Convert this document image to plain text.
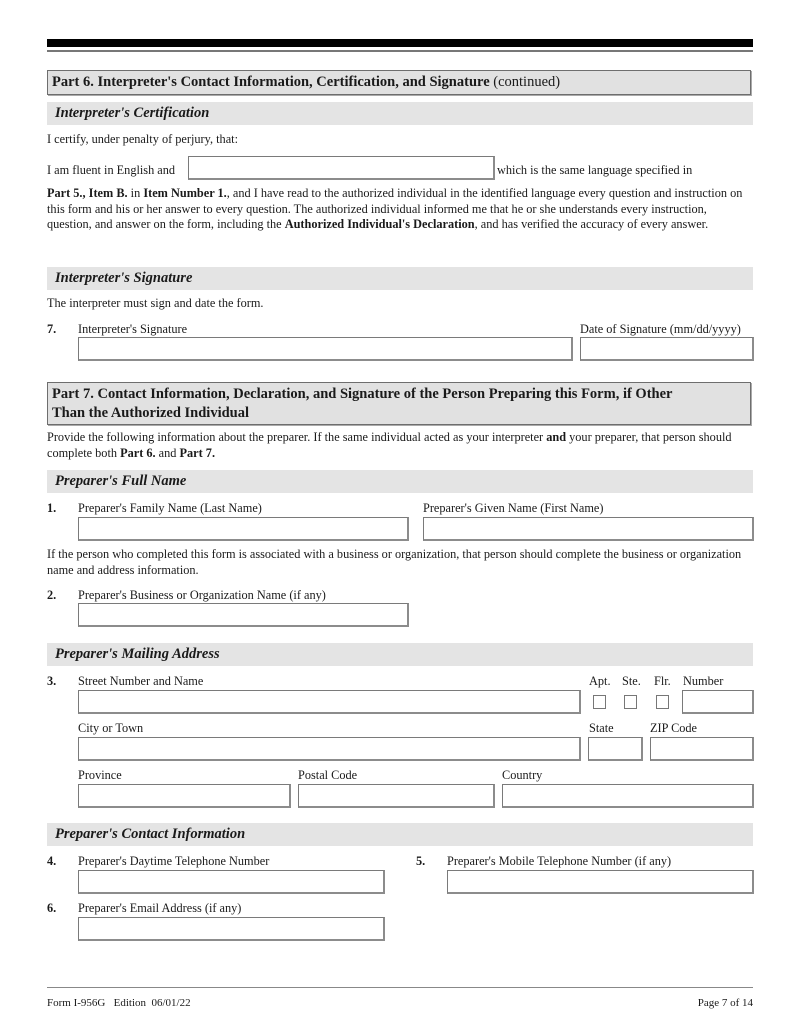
Part 6. Interpreter's Contact Information, Certification, and Signature (continued)
Interpreter's Certification
I certify, under penalty of perjury, that:
I am fluent in English and	which is the same language specified in
Part 5., Item B. in Item Number 1., and I have read to the authorized individual in the identified language every question and instruction on this form and his or her answer to every question. The authorized individual informed me that he or she understands every instruction, question, and answer on the form, including the Authorized Individual's Declaration, and has verified the accuracy of every answer.
Interpreter's Signature
The interpreter must sign and date the form.
7. Interpreter's Signature	Date of Signature (mm/dd/yyyy)
Part 7. Contact Information, Declaration, and Signature of the Person Preparing this Form, if Other
Than the Authorized Individual
Provide the following information about the preparer. If the same individual acted as your interpreter and your preparer, that person should complete both Part 6. and Part 7.
Preparer's Full Name
1. Preparer's Family Name (Last Name)	Preparer's Given Name (First Name)
If the person who completed this form is associated with a business or organization, that person should complete the business or organization name and address information.
2. Preparer's Business or Organization Name (if any)
Preparer's Mailing Address
3. Street Number and Name	Apt. Ste. Flr. Number
City or Town	State	ZIP Code
Province	Postal Code	Country
Preparer's Contact Information
4. Preparer's Daytime Telephone Number	5. Preparer's Mobile Telephone Number (if any)
6. Preparer's Email Address (if any)
Form I-956G   Edition  06/01/22	Page 7 of 14
